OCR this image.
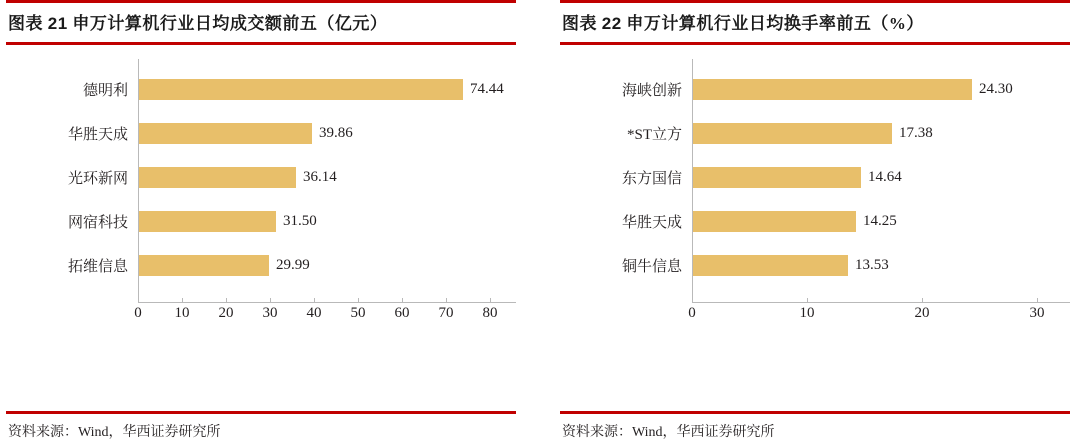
图表 21 申万计算机行业日均成交额前五（亿元）
德明利	74.44
华胜天成	39.86
光环新网	36.14
网宿科技	31.50
拓维信息	29.99
0 10 20 30 40 50 60 70 80
资料来源：Wind，华西证券研究所
图表 22 申万计算机行业日均换手率前五（%）
海峡创新	24.30
*ST立方	17.38
东方国信	14.64
华胜天成	14.25
铜牛信息	13.53
0	10	20	30
资料来源：Wind，华西证券研究所
